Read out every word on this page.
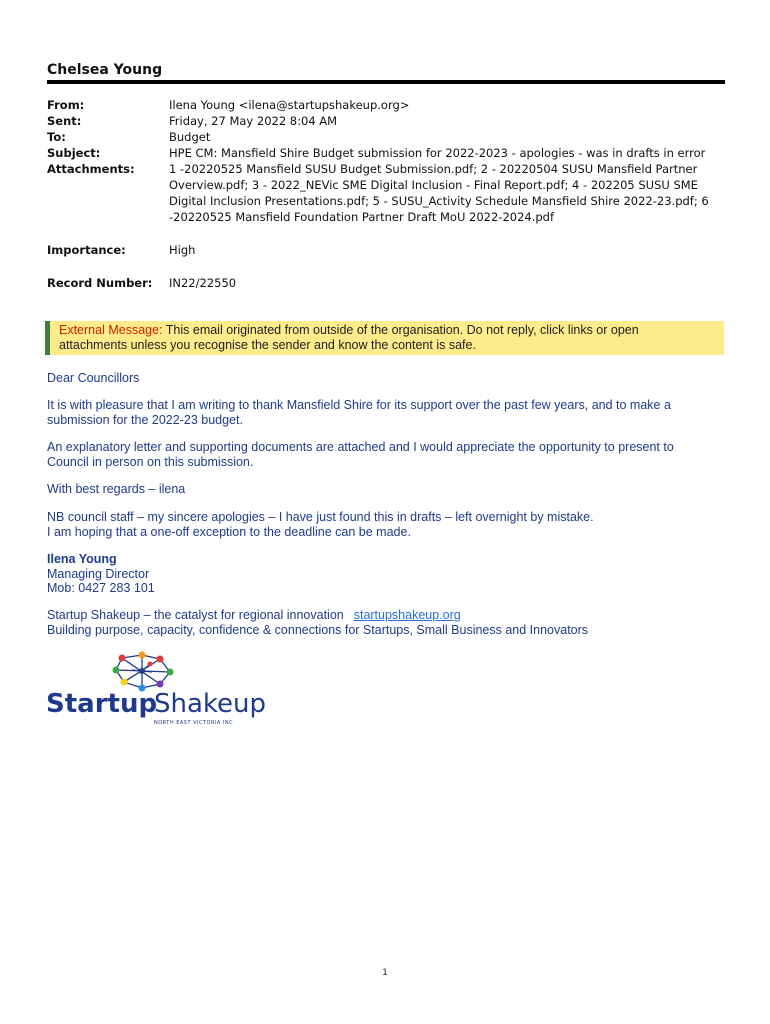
Chelsea Young
From:	Ilena Young <ilena@startupshakeup.org>
Sent:	Friday, 27 May 2022 8:04 AM
To:	Budget
Subject:	HPE CM: Mansfield Shire Budget submission for 2022-2023 - apologies - was in drafts in error
Attachments:	1 -20220525 Mansfield SUSU Budget Submission.pdf; 2 - 20220504 SUSU Mansfield Partner
Overview.pdf; 3 - 2022_NEVic SME Digital Inclusion - Final Report.pdf; 4 - 202205 SUSU SME
Digital Inclusion Presentations.pdf; 5 - SUSU_Activity Schedule Mansfield Shire 2022-23.pdf; 6
-20220525 Mansfield Foundation Partner Draft MoU 2022-2024.pdf
Importance:	High
Record Number:	IN22/22550
External Message: This email originated from outside of the organisation. Do not reply, click links or open
attachments unless you recognise the sender and know the content is safe.
Dear Councillors
It is with pleasure that I am writing to thank Mansfield Shire for its support over the past few years, and to make a
submission for the 2022-23 budget.
An explanatory letter and supporting documents are attached and I would appreciate the opportunity to present to
Council in person on this submission.
With best regards – ilena
NB council staff – my sincere apologies – I have just found this in drafts – left overnight by mistake.
I am hoping that a one-off exception to the deadline can be made.
Ilena Young
Managing Director
Mob: 0427 283 101
Startup Shakeup – the catalyst for regional innovation startupshakeup.org
Building purpose, capacity, confidence & connections for Startups, Small Business and Innovators
Startup
Shakeup
NORTH EAST VICTORIA INC
1
